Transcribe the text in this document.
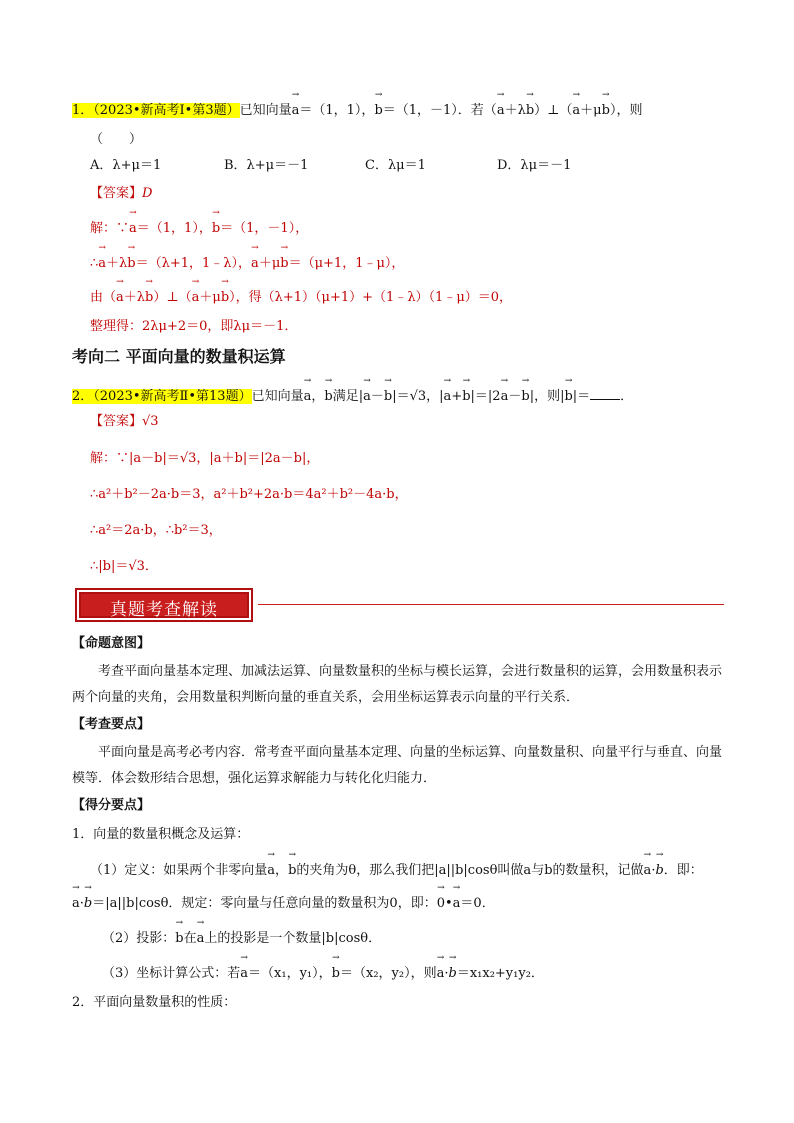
1．（2023•新高考Ⅰ•第3题）已知向量→ a＝（1，1），→ b＝（1，－1）．若（→ a＋λ→ b）⊥（→ a＋μ→ b），则
（　　）
A．λ+μ＝1	B．λ+μ＝－1	C．λμ＝1	D．λμ＝－1
【答案】D
解：∵→ a＝（1，1），→ b＝（1，－1），
∴→ a＋λ→ b＝（λ+1，1﹣λ），→ a＋μ→ b＝（μ+1，1﹣μ），
由（→ a＋λ→ b）⊥（→ a＋μ→ b），得（λ+1）（μ+1）+（1﹣λ）（1﹣μ）＝0，
整理得：2λμ+2＝0，即λμ＝－1．
考向二 平面向量的数量积运算
2．（2023•新高考Ⅱ•第13题）已知向量→ a，→ b满足|→ a－→ b|＝√3，|→ a+→ b|＝|2→ a－→ b|，则|→ b|＝ ．
【答案】√3
解：∵|a－b|＝√3，|a＋b|＝|2a－b|，
∴a²＋b²－2a·b＝3，a²＋b²+2a·b＝4a²＋b²－4a·b，
∴a²＝2a·b，∴b²＝3，
∴|b|＝√3．
真题考查解读
【命题意图】
考查平面向量基本定理、加减法运算、向量数量积的坐标与模长运算，会进行数量积的运算，会用数量积表示两个向量的夹角，会用数量积判断向量的垂直关系，会用坐标运算表示向量的平行关系．
【考查要点】
平面向量是高考必考内容．常考查平面向量基本定理、向量的坐标运算、向量数量积、向量平行与垂直、向量模等．体会数形结合思想，强化运算求解能力与转化化归能力．
【得分要点】
1．向量的数量积概念及运算：
（1）定义：如果两个非零向量→ a，→ b的夹角为θ，那么我们把|a||b|cosθ叫做a与b的数量积，记做→ a·→ b．即：
→ a·→ b＝|a||b|cosθ．规定：零向量与任意向量的数量积为0，即：→ 0•→ a＝0．
（2）投影：→ b在→ a上的投影是一个数量|b|cosθ．
（3）坐标计算公式：若→ a＝（x₁，y₁），→ b＝（x₂，y₂），则→ a·→ b＝x₁x₂+y₁y₂．
2．平面向量数量积的性质：
